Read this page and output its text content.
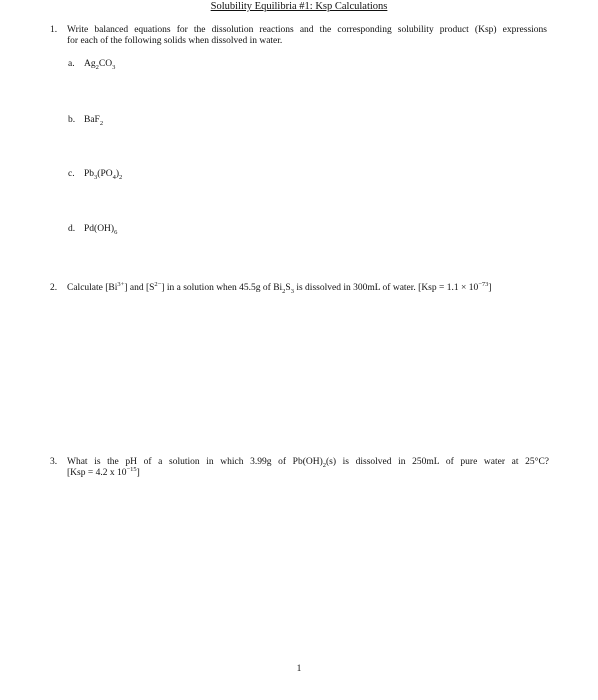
Solubility Equilibria #1: Ksp Calculations
1. Write balanced equations for the dissolution reactions and the corresponding solubility product (Ksp) expressions
for each of the following solids when dissolved in water.
a. $Ag_2CO_3$
b. BaF$_2$
c. $Pb_3(PO_4)_2$
d. $Pd(OH)_6$
2. Calculate $[Bi^{3+}]$ and $[S^{2-}]$ in a solution when 45.5g of $Bi_2S_3$ is dissolved in 300mL of water. $[Ksp = 1.1 \times 10^{-73}]$
3. What is the pH of a solution in which 3.99g of $Pb(OH)_2(s)$ is dissolved in 250mL of pure water at 25°C?
[Ksp = 4.2 x $10^{-15}$]
1
